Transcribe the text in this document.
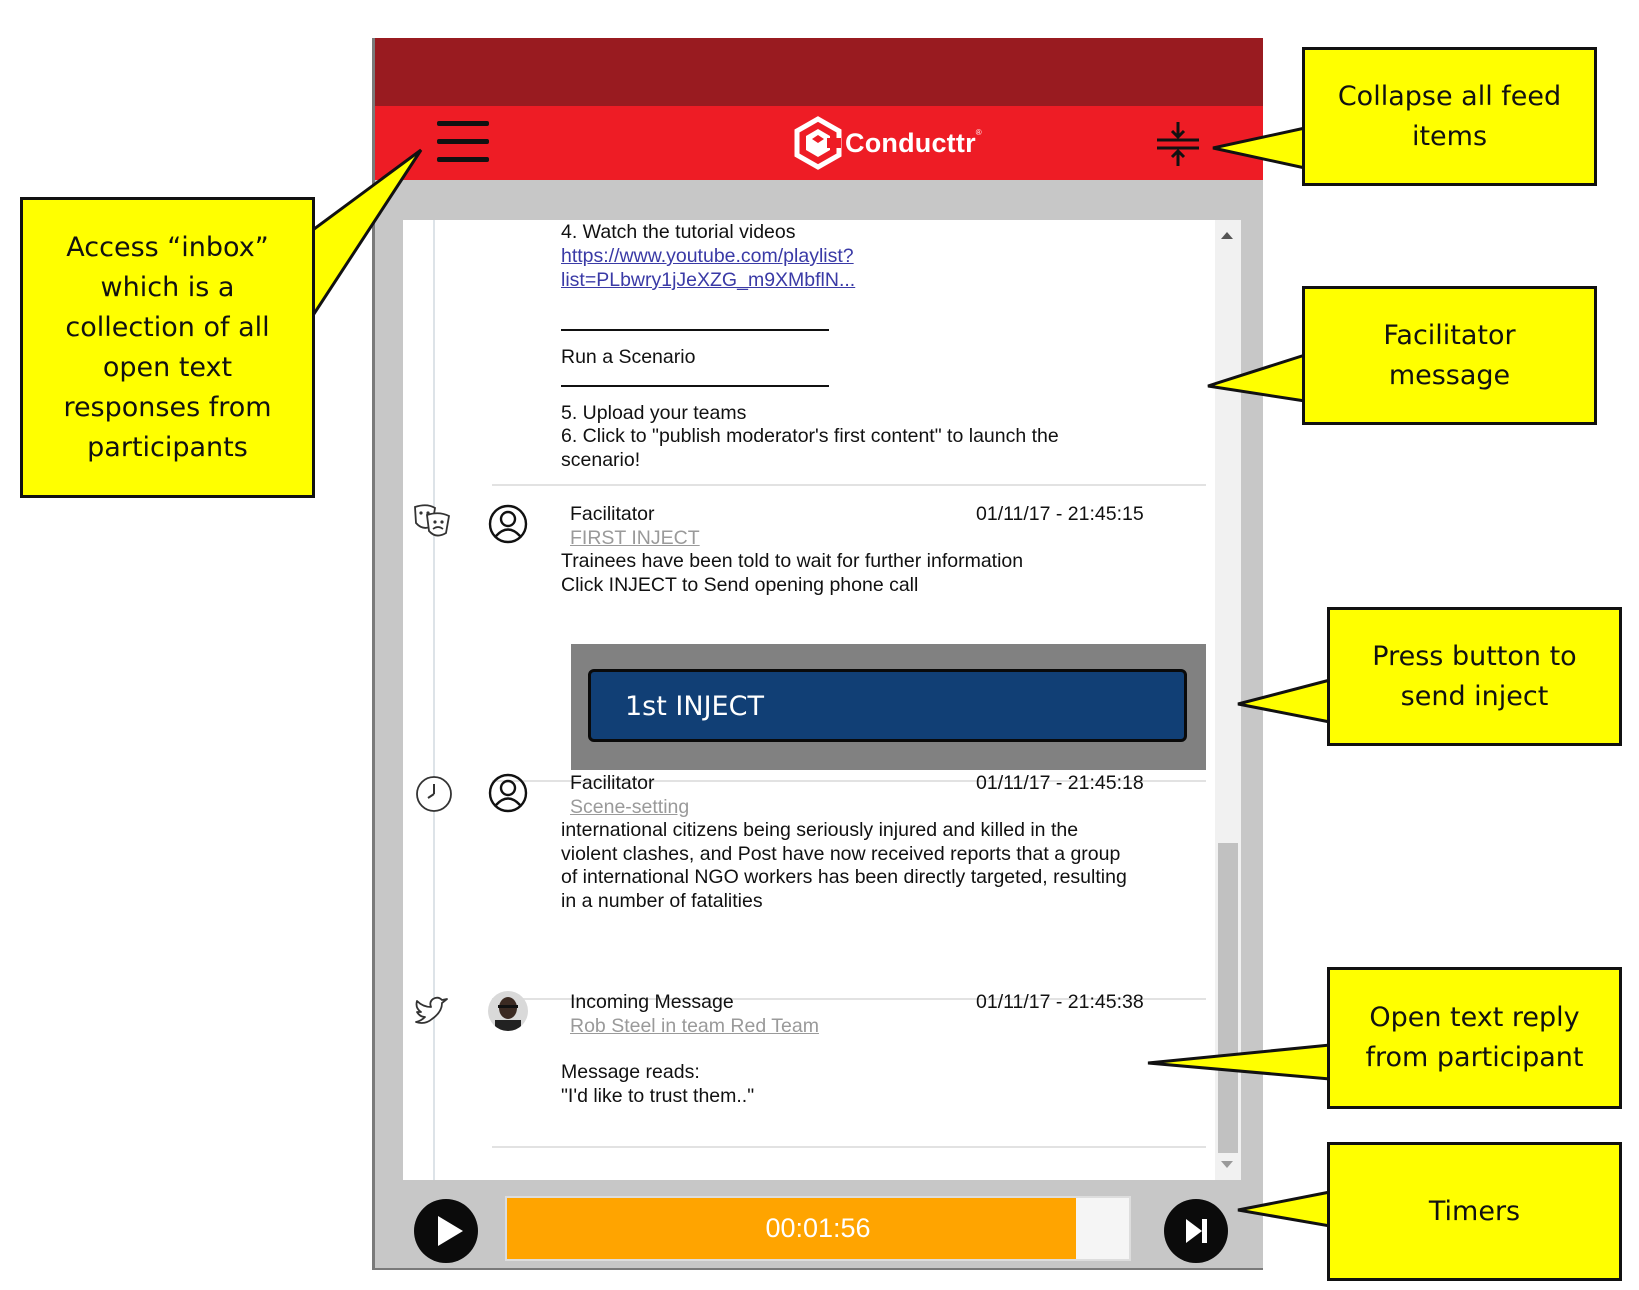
Conducttr®
4. Watch the tutorial videos
https://www.youtube.com/playlist?
list=PLbwry1jJeXZG_m9XMbflN...
Run a Scenario
5. Upload your teams
6. Click to "publish moderator's first content" to launch the
scenario!
Facilitator	01/11/17 - 21:45:15
FIRST INJECT
Trainees have been told to wait for further information
Click INJECT to Send opening phone call
1st INJECT
Facilitator	01/11/17 - 21:45:18
Scene-setting
international citizens being seriously injured and killed in the
violent clashes, and Post have now received reports that a group
of international NGO workers has been directly targeted, resulting
in a number of fatalities
Incoming Message	01/11/17 - 21:45:38
Rob Steel in team Red Team
Message reads:
"I'd like to trust them.."
00:01:56
Access “inbox”
which is a
collection of all
open text
responses from
participants
Collapse all feed
items
Facilitator
message
Press button to
send inject
Open text reply
from participant
Timers
